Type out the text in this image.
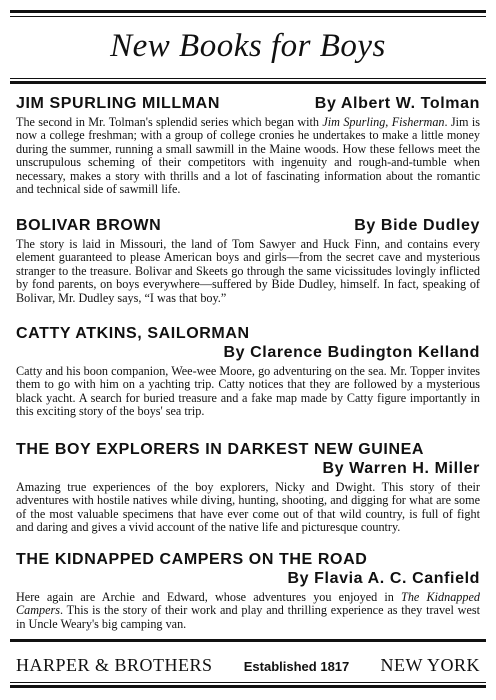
New Books for Boys
JIM SPURLING MILLMAN	By Albert W. Tolman
The second in Mr. Tolman's splendid series which began with Jim Spurling, Fisherman. Jim is now a college freshman; with a group of college cronies he undertakes to make a little money during the summer, running a small sawmill in the Maine woods. How these fellows meet the unscrupulous scheming of their competitors with ingenuity and rough-and-tumble when necessary, makes a story with thrills and a lot of fascinating information about the romantic and technical side of sawmill life.
BOLIVAR BROWN	By Bide Dudley
The story is laid in Missouri, the land of Tom Sawyer and Huck Finn, and contains every element guaranteed to please American boys and girls—from the secret cave and mysterious stranger to the treasure. Bolivar and Skeets go through the same vicissitudes lovingly inflicted by fond parents, on boys everywhere—suffered by Bide Dudley, himself. In fact, speaking of Bolivar, Mr. Dudley says, “I was that boy.”
CATTY ATKINS, SAILORMAN
By Clarence Budington Kelland
Catty and his boon companion, Wee-wee Moore, go adventuring on the sea. Mr. Topper invites them to go with him on a yachting trip. Catty notices that they are followed by a mysterious black yacht. A search for buried treasure and a fake map made by Catty figure importantly in this exciting story of the boys' sea trip.
THE BOY EXPLORERS IN DARKEST NEW GUINEA
By Warren H. Miller
Amazing true experiences of the boy explorers, Nicky and Dwight. This story of their adventures with hostile natives while diving, hunting, shooting, and digging for what are some of the most valuable specimens that have ever come out of that wild country, is full of fight and daring and gives a vivid account of the native life and picturesque country.
THE KIDNAPPED CAMPERS ON THE ROAD
By Flavia A. C. Canfield
Here again are Archie and Edward, whose adventures you enjoyed in The Kidnapped Campers. This is the story of their work and play and thrilling experience as they travel west in Uncle Weary's big camping van.
HARPER & BROTHERS Established 1817 NEW YORK
